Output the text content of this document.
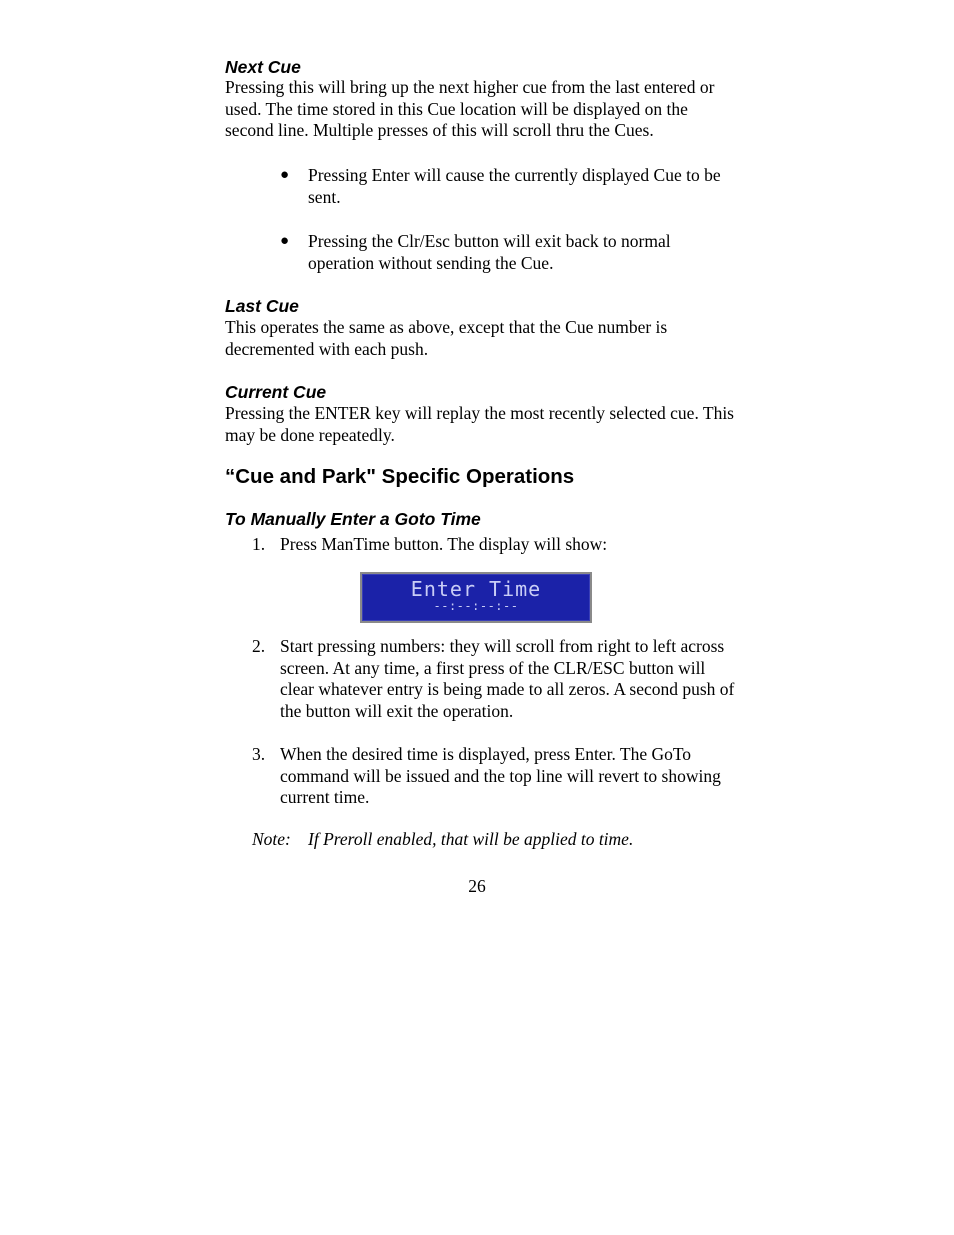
Next Cue

Pressing this will bring up the next higher cue from the last entered or used. The time stored in this Cue location will be displayed on the second line. Multiple presses of this will scroll thru the Cues.

● Pressing Enter will cause the currently displayed Cue to be sent.
● Pressing the Clr/Esc button will exit back to normal operation without sending the Cue.
Last Cue

This operates the same as above, except that the Cue number is decremented with each push.

Current Cue

Pressing the ENTER key will replay the most recently selected cue. This may be done repeatedly.

“Cue and Park" Specific Operations
To Manually Enter a Goto Time
1. Press ManTime button. The display will show:
Enter Time
--:--:--:--
2. Start pressing numbers: they will scroll from right to left across screen. At any time, a first press of the CLR/ESC button will clear whatever entry is being made to all zeros. A second push of the button will exit the operation.
3. When the desired time is displayed, press Enter. The GoTo command will be issued and the top line will revert to showing current time.
Note: If Preroll enabled, that will be applied to time.
26
